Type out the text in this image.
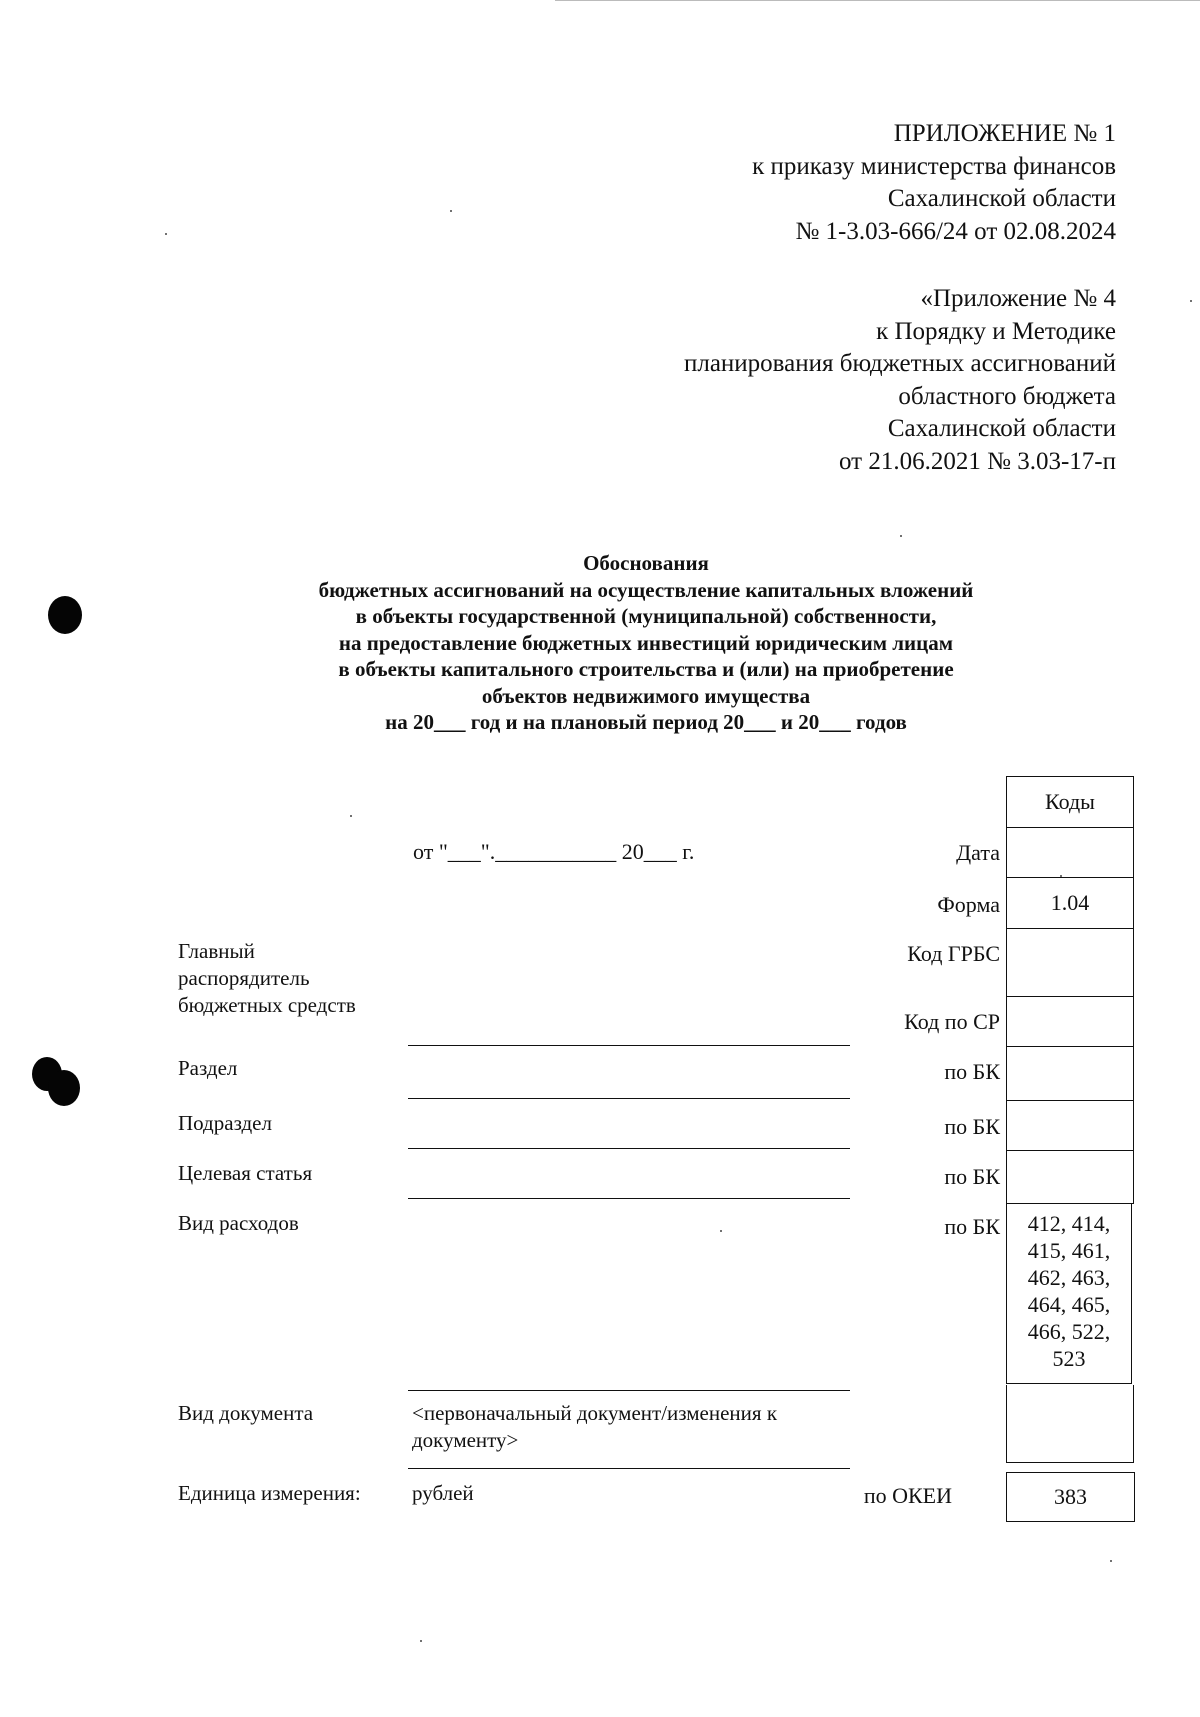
ПРИЛОЖЕНИЕ № 1
к приказу министерства финансов
Сахалинской области
№ 1-3.03-666/24 от 02.08.2024
«Приложение № 4
к Порядку и Методике
планирования бюджетных ассигнований
областного бюджета
Сахалинской области
от 21.06.2021 № 3.03-17-п
Обоснования
бюджетных ассигнований на осуществление капитальных вложений
в объекты государственной (муниципальной) собственности,
на предоставление бюджетных инвестиций юридическим лицам
в объекты капитального строительства и (или) на приобретение
объектов недвижимого имущества
на 20___ год и на плановый период 20___ и 20___ годов
от "___".___________ 20___ г.
Коды
1.04
412, 414,
415, 461,
462, 463,
464, 465,
466, 522,
523
383
Дата
Форма
Код ГРБС
Код по СР
по БК
по БК
по БК
по БК
по ОКЕИ
Главный
распорядитель
бюджетных средств
Раздел
Подраздел
Целевая статья
Вид расходов
Вид документа
Единица измерения:
<первоначальный документ/изменения к документу>
рублей
